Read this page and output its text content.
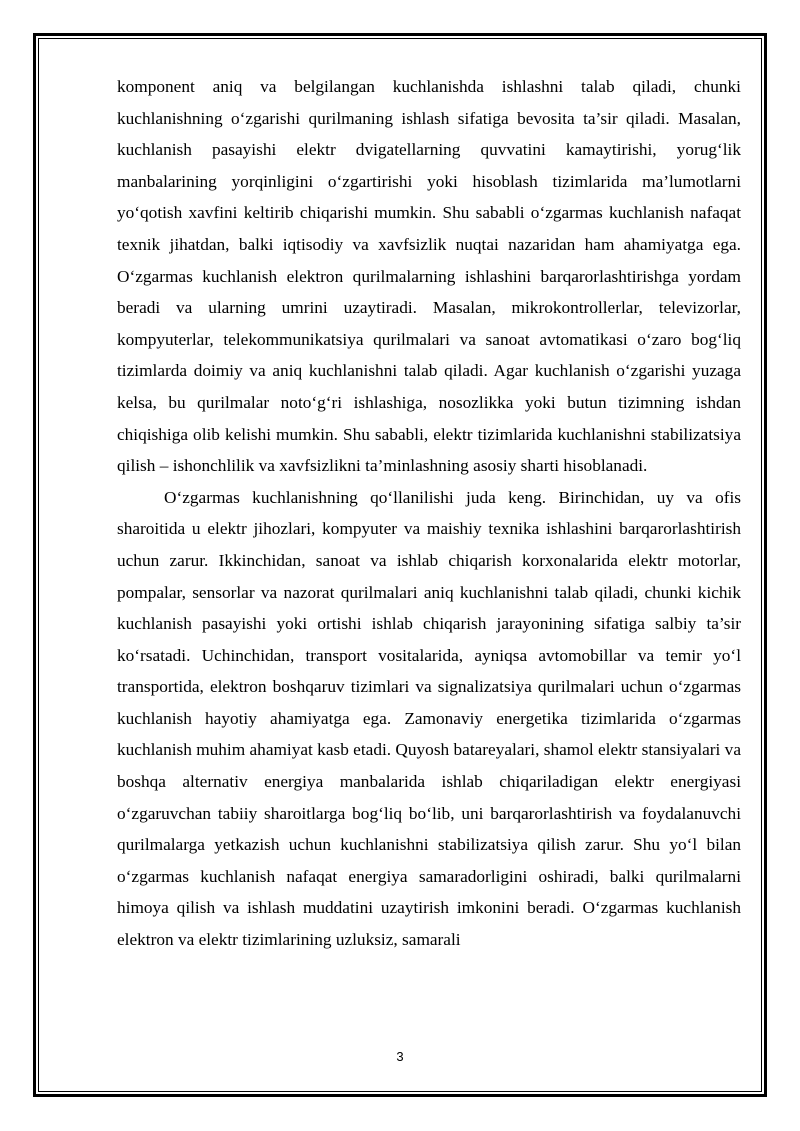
komponent aniq va belgilangan kuchlanishda ishlashni talab qiladi, chunki kuchlanishning o‘zgarishi qurilmaning ishlash sifatiga bevosita ta’sir qiladi. Masalan, kuchlanish pasayishi elektr dvigatellarning quvvatini kamaytirishi, yorug‘lik manbalarining yorqinligini o‘zgartirishi yoki hisoblash tizimlarida ma’lumotlarni yo‘qotish xavfini keltirib chiqarishi mumkin. Shu sababli o‘zgarmas kuchlanish nafaqat texnik jihatdan, balki iqtisodiy va xavfsizlik nuqtai nazaridan ham ahamiyatga ega. O‘zgarmas kuchlanish elektron qurilmalarning ishlashini barqarorlashtirishga yordam beradi va ularning umrini uzaytiradi. Masalan, mikrokontrollerlar, televizorlar, kompyuterlar, telekommunikatsiya qurilmalari va sanoat avtomatikasi o‘zaro bog‘liq tizimlarda doimiy va aniq kuchlanishni talab qiladi. Agar kuchlanish o‘zgarishi yuzaga kelsa, bu qurilmalar noto‘g‘ri ishlashiga, nosozlikka yoki butun tizimning ishdan chiqishiga olib kelishi mumkin. Shu sababli, elektr tizimlarida kuchlanishni stabilizatsiya qilish – ishonchlilik va xavfsizlikni ta’minlashning asosiy sharti hisoblanadi.

O‘zgarmas kuchlanishning qo‘llanilishi juda keng. Birinchidan, uy va ofis sharoitida u elektr jihozlari, kompyuter va maishiy texnika ishlashini barqarorlashtirish uchun zarur. Ikkinchidan, sanoat va ishlab chiqarish korxonalarida elektr motorlar, pompalar, sensorlar va nazorat qurilmalari aniq kuchlanishni talab qiladi, chunki kichik kuchlanish pasayishi yoki ortishi ishlab chiqarish jarayonining sifatiga salbiy ta’sir ko‘rsatadi. Uchinchidan, transport vositalarida, ayniqsa avtomobillar va temir yo‘l transportida, elektron boshqaruv tizimlari va signalizatsiya qurilmalari uchun o‘zgarmas kuchlanish hayotiy ahamiyatga ega. Zamonaviy energetika tizimlarida o‘zgarmas kuchlanish muhim ahamiyat kasb etadi. Quyosh batareyalari, shamol elektr stansiyalari va boshqa alternativ energiya manbalarida ishlab chiqariladigan elektr energiyasi o‘zgaruvchan tabiiy sharoitlarga bog‘liq bo‘lib, uni barqarorlashtirish va foydalanuvchi qurilmalarga yetkazish uchun kuchlanishni stabilizatsiya qilish zarur. Shu yo‘l bilan o‘zgarmas kuchlanish nafaqat energiya samaradorligini oshiradi, balki qurilmalarni himoya qilish va ishlash muddatini uzaytirish imkonini beradi. O‘zgarmas kuchlanish elektron va elektr tizimlarining uzluksiz, samarali

3
